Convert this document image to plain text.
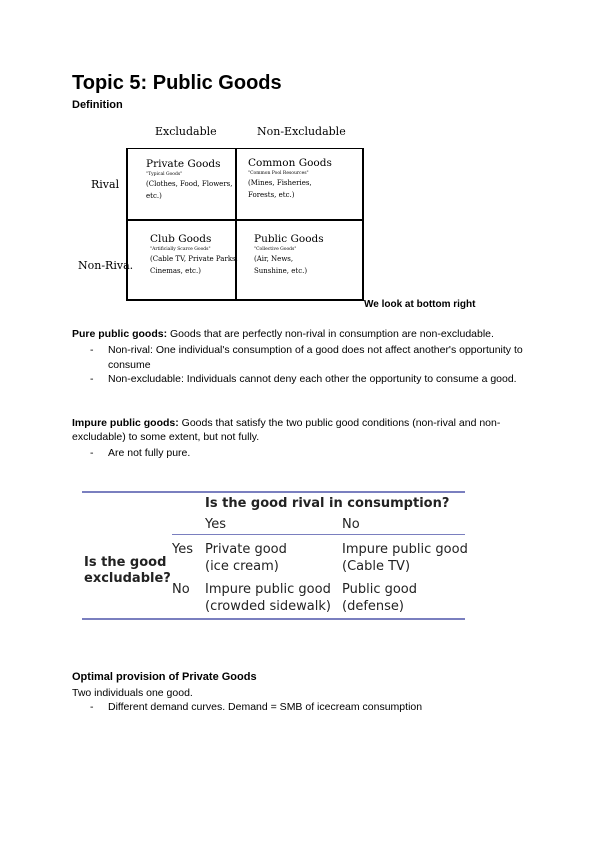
Topic 5: Public Goods
Definition
Excludable	Non-Excludable
Rival
Non-Riva.
Private Goods
"Typical Goods"
(Clothes, Food, Flowers, etc.)
Common Goods
"Common Pool Resources"
(Mines, Fisheries, Forests, etc.)
Club Goods
"Artificially Scarce Goods"
(Cable TV, Private Parks, Cinemas, etc.)
Public Goods
"Collective Goods"
(Air, News, Sunshine, etc.)
We look at bottom right
Pure public goods: Goods that are perfectly non-rival in consumption are non-excludable.
- Non-rival: One individual's consumption of a good does not affect another's opportunity to consume
- Non-excludable: Individuals cannot deny each other the opportunity to consume a good.
Impure public goods: Goods that satisfy the two public good conditions (non-rival and non-excludable) to some extent, but not fully.
- Are not fully pure.
Is the good rival in consumption?
Yes	No
Is the good
excludable?
Yes
No
Private good
(ice cream)
Impure public good
(Cable TV)
Impure public good
(crowded sidewalk)
Public good
(defense)
Optimal provision of Private Goods
Two individuals one good.
- Different demand curves. Demand = SMB of icecream consumption
